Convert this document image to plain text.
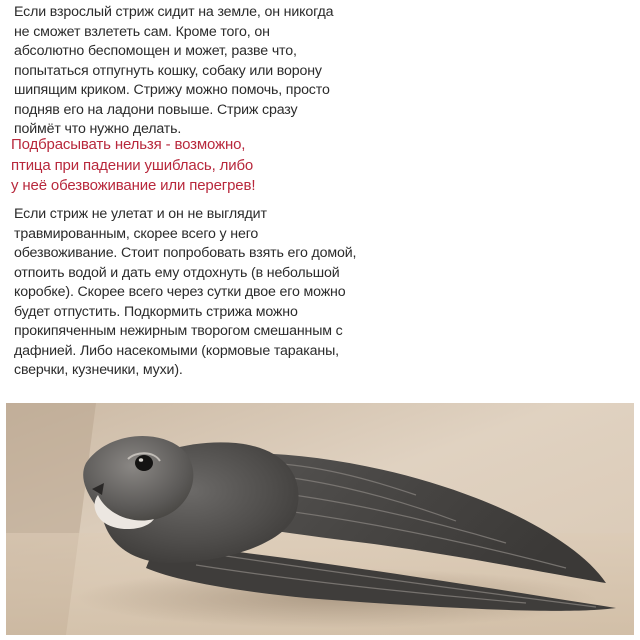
Если взрослый стриж сидит на земле, он никогда
не сможет взлететь сам. Кроме того, он
абсолютно беспомощен и может, разве что,
попытаться отпугнуть кошку, собаку или ворону
шипящим криком. Стрижу можно помочь, просто
подняв его на ладони повыше. Стриж сразу
поймёт что нужно делать.
Подбрасывать нельзя - возможно,
птица при падении ушиблась, либо
у неё обезвоживание или перегрев!
Если стриж не улетат и он не выглядит
травмированным, скорее всего у него
обезвоживание. Стоит попробовать взять его домой,
отпоить водой и дать ему отдохнуть (в небольшой
коробке). Скорее всего через сутки двое его можно
будет отпустить. Подкормить стрижа можно
прокипяченным нежирным творогом смешанным с
дафнией. Либо насекомыми (кормовые тараканы,
сверчки, кузнечики, мухи).
